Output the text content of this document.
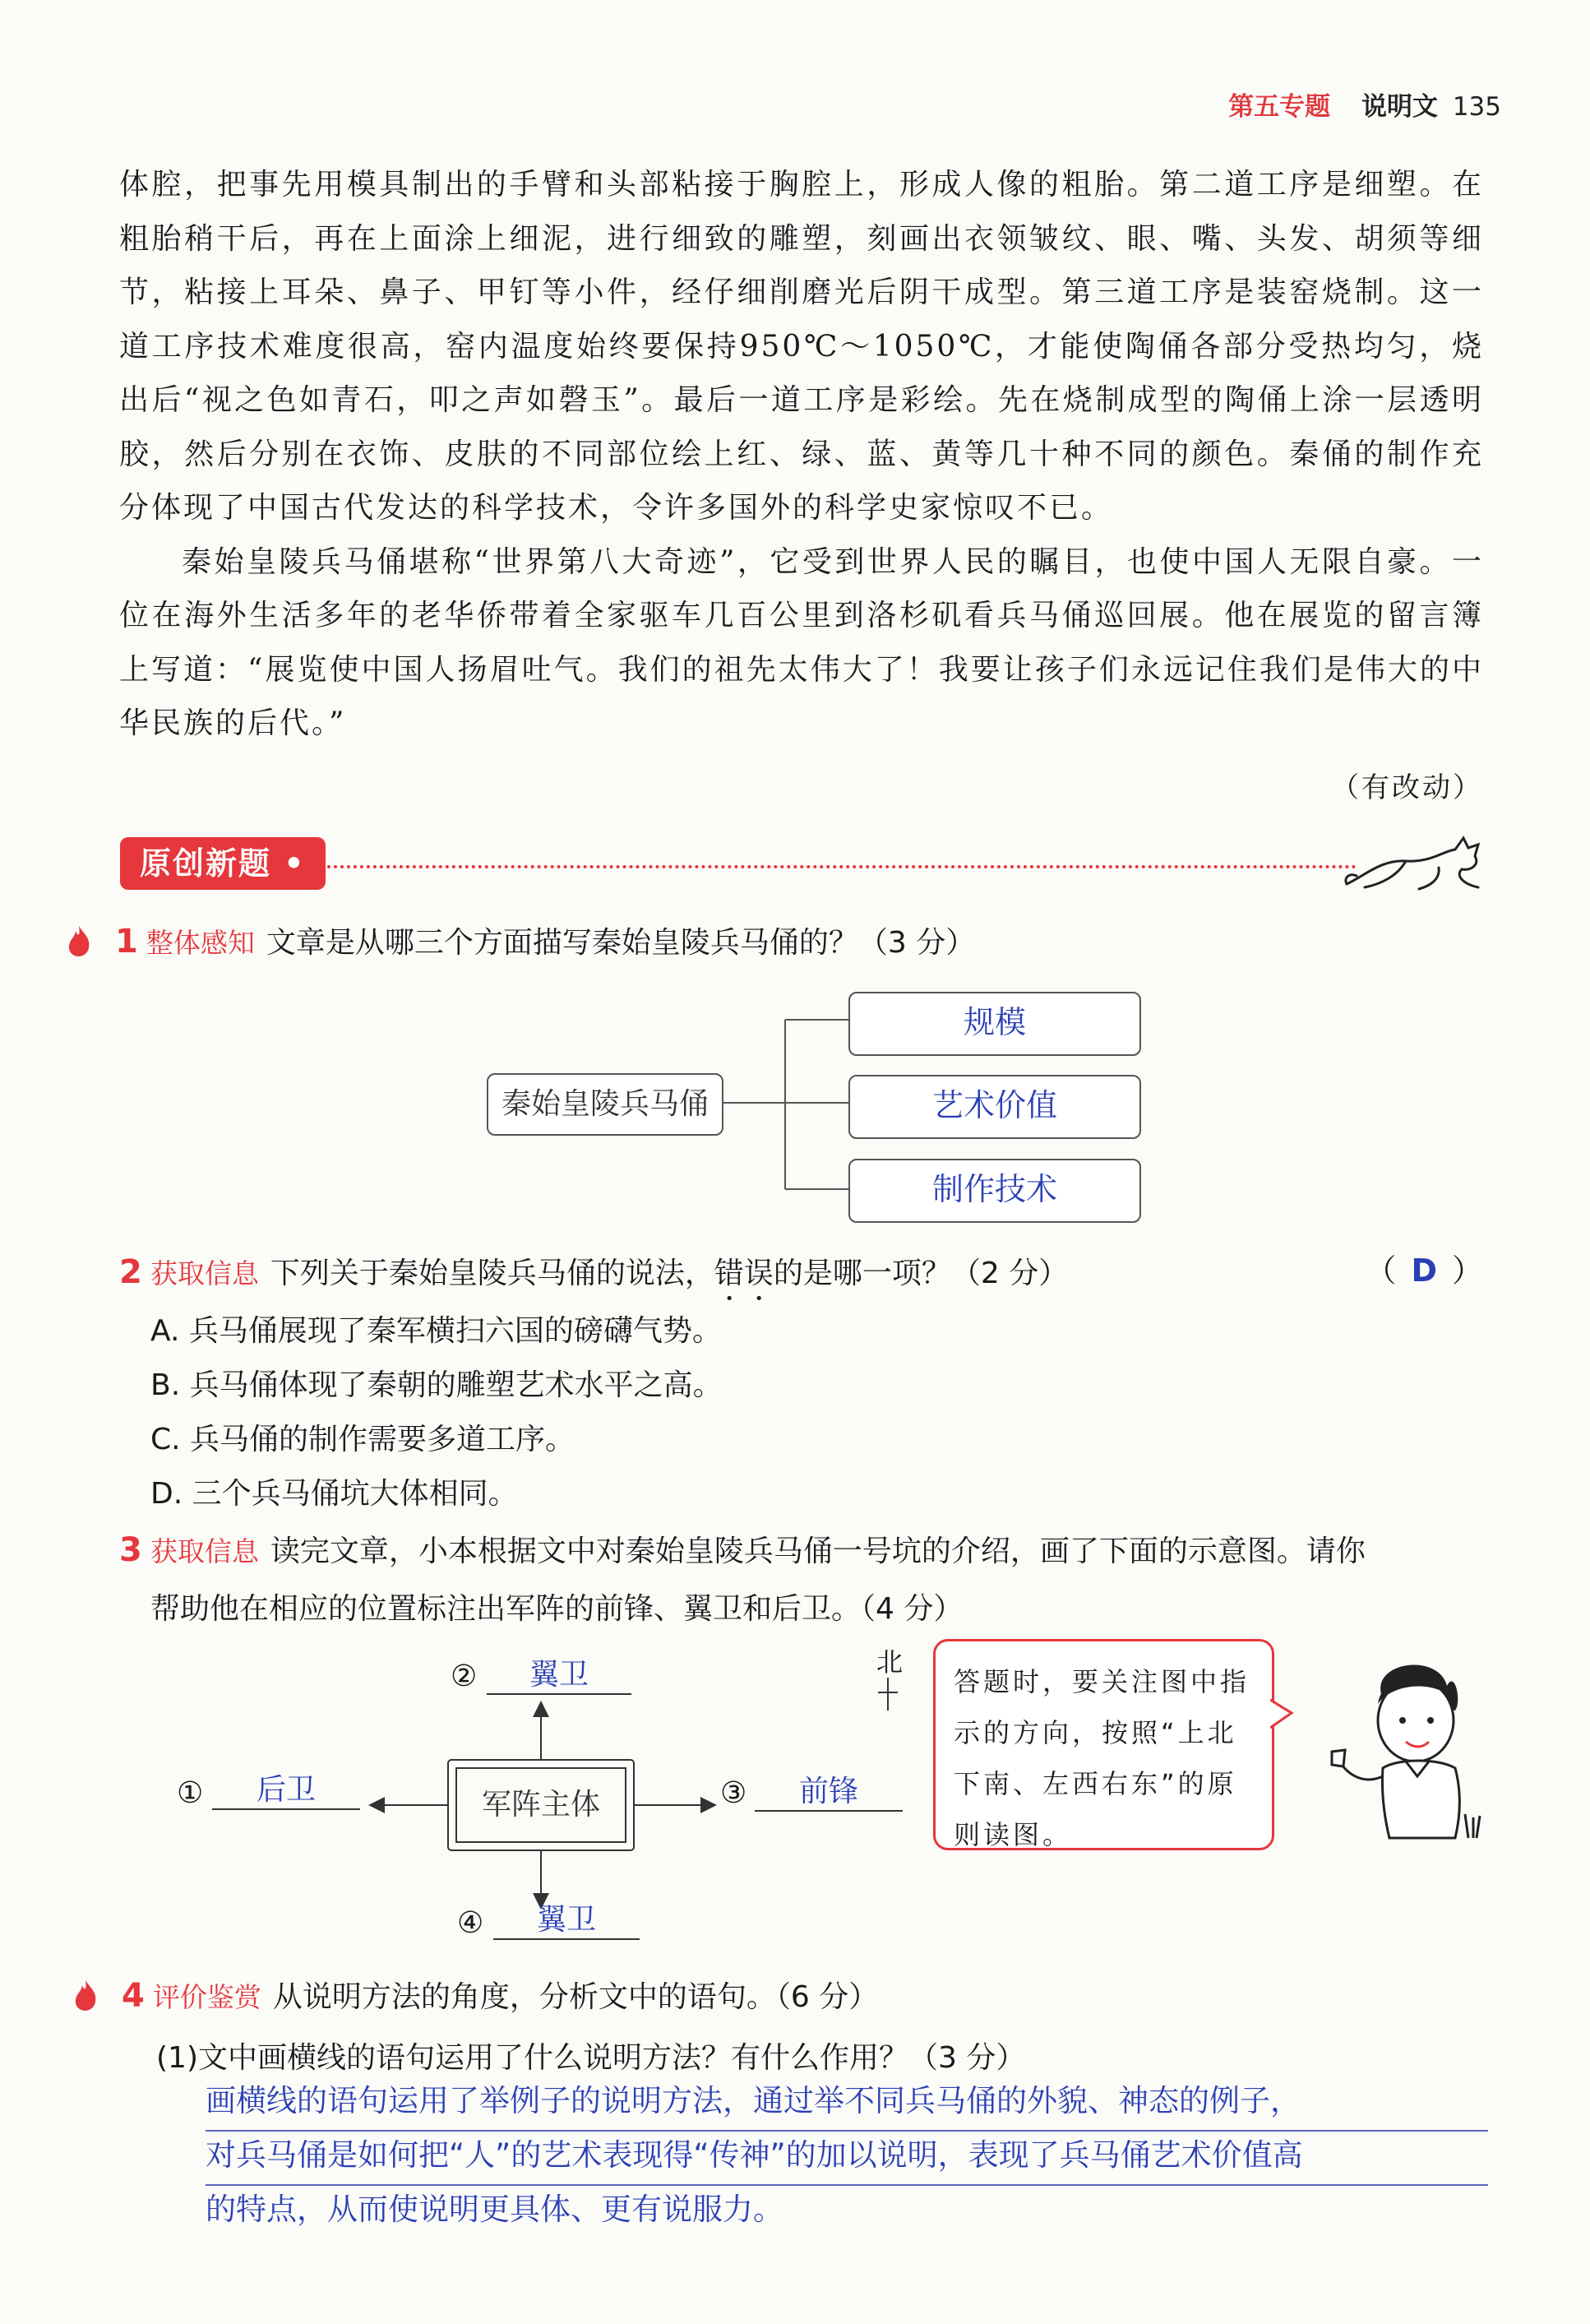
第五专题 说明文 135

体腔，把事先用模具制出的手臂和头部粘接于胸腔上，形成人像的粗胎。第二道工序是细塑。在粗胎稍干后，再在上面涂上细泥，进行细致的雕塑，刻画出衣领皱纹、眼、嘴、头发、胡须等细节，粘接上耳朵、鼻子、甲钉等小件，经仔细削磨光后阴干成型。第三道工序是装窑烧制。这一道工序技术难度很高，窑内温度始终要保持950℃～1050℃，才能使陶俑各部分受热均匀，烧出后“视之色如青石，叩之声如磬玉”。最后一道工序是彩绘。先在烧制成型的陶俑上涂一层透明胶，然后分别在衣饰、皮肤的不同部位绘上红、绿、蓝、黄等几十种不同的颜色。秦俑的制作充分体现了中国古代发达的科学技术，令许多国外的科学史家惊叹不已。

秦始皇陵兵马俑堪称“世界第八大奇迹”，它受到世界人民的瞩目，也使中国人无限自豪。一位在海外生活多年的老华侨带着全家驱车几百公里到洛杉矶看兵马俑巡回展。他在展览的留言簿上写道：“展览使中国人扬眉吐气。我们的祖先太伟大了！我要让孩子们永远记住我们是伟大的中华民族的后代。”

（有改动）
原创新题 •
1 整体感知 文章是从哪三个方面描写秦始皇陵兵马俑的？（3 分）
秦始皇陵兵马俑
规模
艺术价值
制作技术
2 获取信息 下列关于秦始皇陵兵马俑的说法，错误的是哪一项？（2 分）	（ D ）
A. 兵马俑展现了秦军横扫六国的磅礴气势。
B. 兵马俑体现了秦朝的雕塑艺术水平之高。
C. 兵马俑的制作需要多道工序。
D. 三个兵马俑坑大体相同。
3 获取信息 读完文章，小本根据文中对秦始皇陵兵马俑一号坑的介绍，画了下面的示意图。请你
帮助他在相应的位置标注出军阵的前锋、翼卫和后卫。（4 分）
军阵主体
北
①	后卫
②	翼卫
③	前锋
④	翼卫
答题时，要关注图中指示的方向，按照“上北下南、左西右东”的原则读图。
4 评价鉴赏 从说明方法的角度，分析文中的语句。（6 分）
(1)文中画横线的语句运用了什么说明方法？有什么作用？（3 分）
画横线的语句运用了举例子的说明方法，通过举不同兵马俑的外貌、神态的例子，
对兵马俑是如何把“人”的艺术表现得“传神”的加以说明，表现了兵马俑艺术价值高
的特点，从而使说明更具体、更有说服力。
